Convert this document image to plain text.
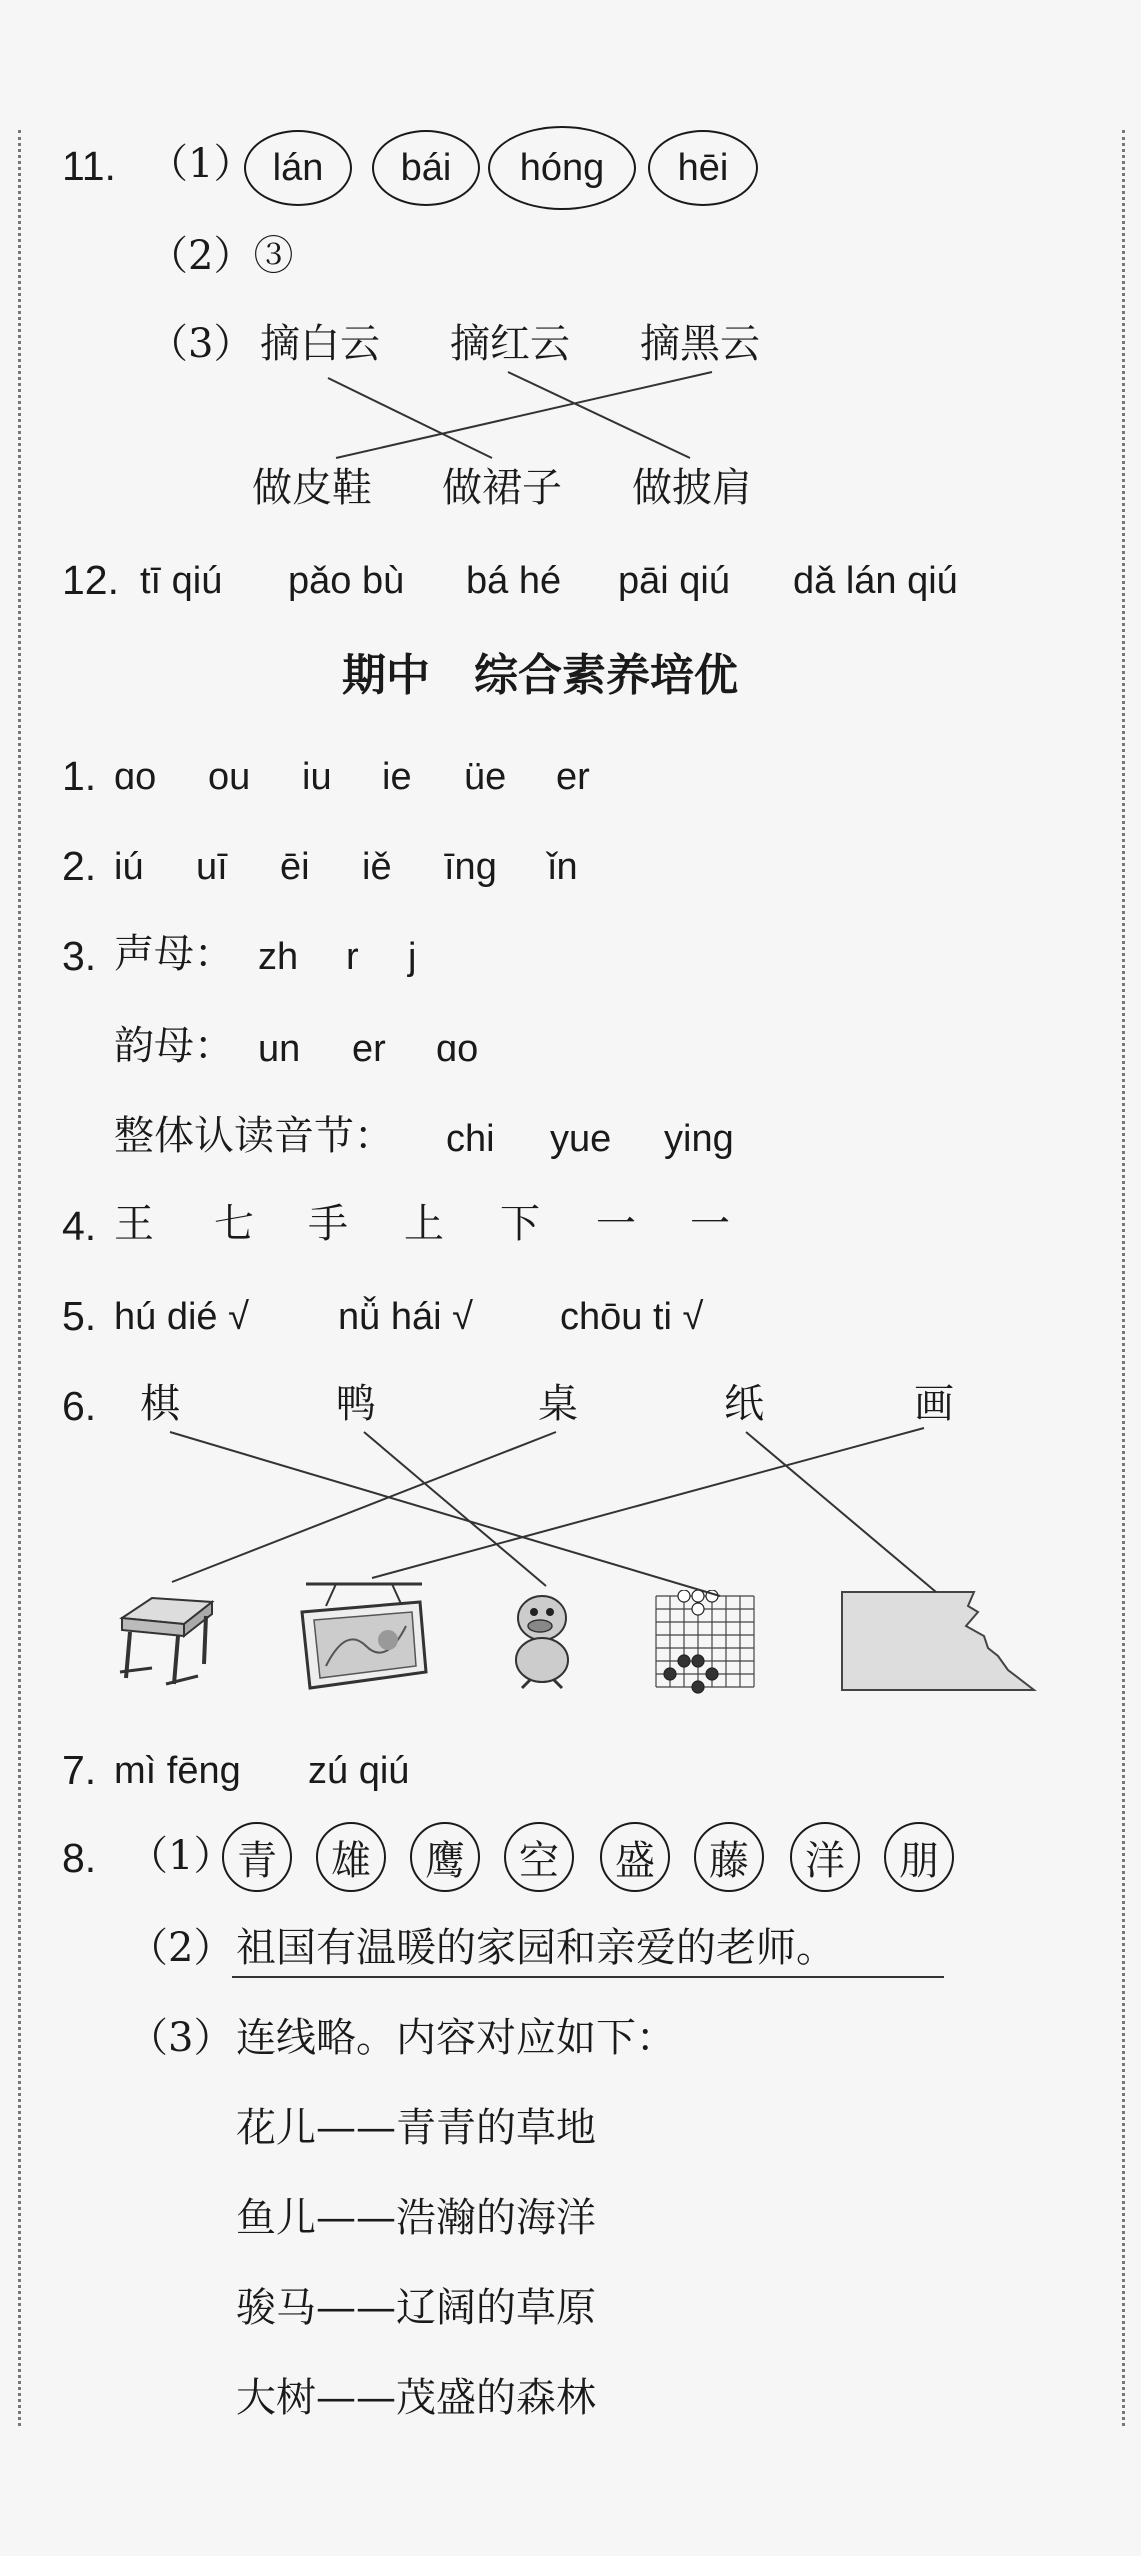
11. （1） lán	bái	hóng	hēi
（2）③
（3） 摘白云 摘红云 摘黑云
做皮鞋 做裙子 做披肩
12. tī qiú pǎo bù bá hé pāi qiú dǎ lán qiú
期中　综合素养培优
1. ɑo ou iu ie üe er
2. iú uī ēi iě īng ǐn
3. 声母： zh r j
韵母： un er ɑo
整体认读音节： chi yue ying
4. 王 七 手 上 下 一 一
5. hú dié √ nǚ hái √ chōu ti √
6. 棋	鸭	桌	纸	画
7. mì fēng zú qiú
8. （1） 青	雄	鹰	空	盛	藤	洋	朋
（2） 祖国有温暖的家园和亲爱的老师。
（3） 连线略。内容对应如下：
花儿——青青的草地
鱼儿——浩瀚的海洋
骏马——辽阔的草原
大树——茂盛的森林
